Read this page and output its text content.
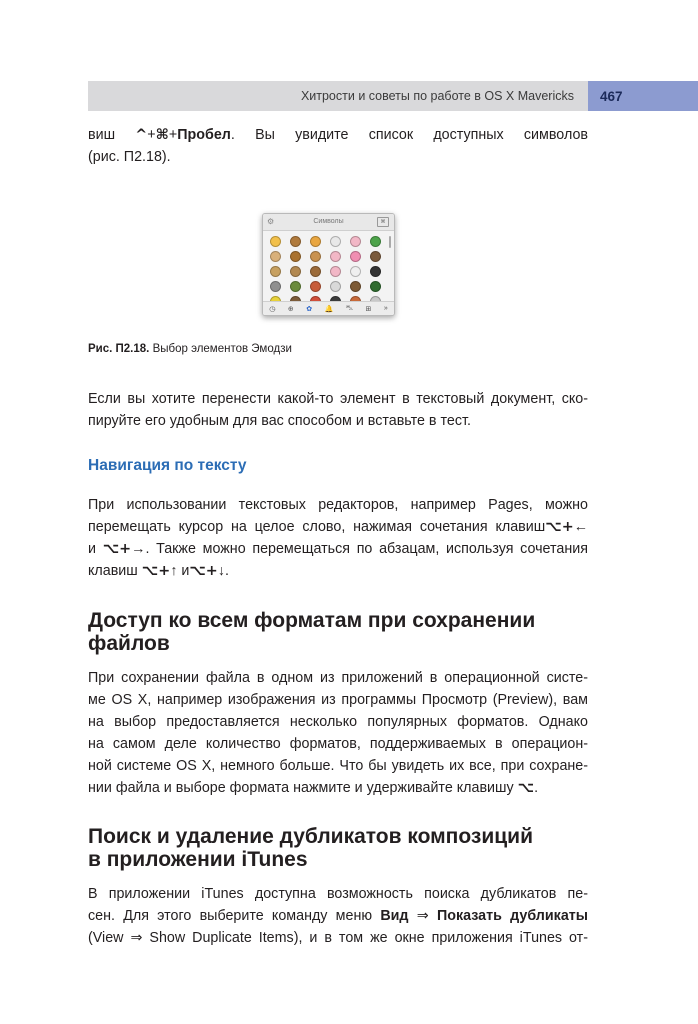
Хитрости и советы по работе в OS X Mavericks	467
виш ^+⌘+Пробел. Вы увидите список доступных символов
(рис. П2.18).
Символы
⚙	⌘
◷ ⊕ ✿ 🔔 ⛍ ⊞ »
Рис. П2.18. Выбор элементов Эмодзи
Если вы хотите перенести какой-то элемент в текстовый документ, ско-
пируйте его удобным для вас способом и вставьте в тест.
Навигация по тексту
При использовании текстовых редакторов, например Pages, можно
перемещать курсор на целое слово, нажимая сочетания клавиш⌥+←
и ⌥+→. Также можно перемещаться по абзацам, используя сочетания
клавиш ⌥+↑ и⌥+↓.
Доступ ко всем форматам при сохранении
файлов
При сохранении файла в одном из приложений в операционной систе-
ме OS X, например изображения из программы Просмотр (Preview), вам
на выбор предоставляется несколько популярных форматов. Однако
на самом деле количество форматов, поддерживаемых в операцион-
ной системе OS X, немного больше. Что бы увидеть их все, при сохране-
нии файла и выборе формата нажмите и удерживайте клавишу ⌥.
Поиск и удаление дубликатов композиций
в приложении iTunes
В приложении iTunes доступна возможность поиска дубликатов пе-
сен. Для этого выберите команду меню Вид ⇒ Показать дубликаты
(View ⇒ Show Duplicate Items), и в том же окне приложения iTunes от-
